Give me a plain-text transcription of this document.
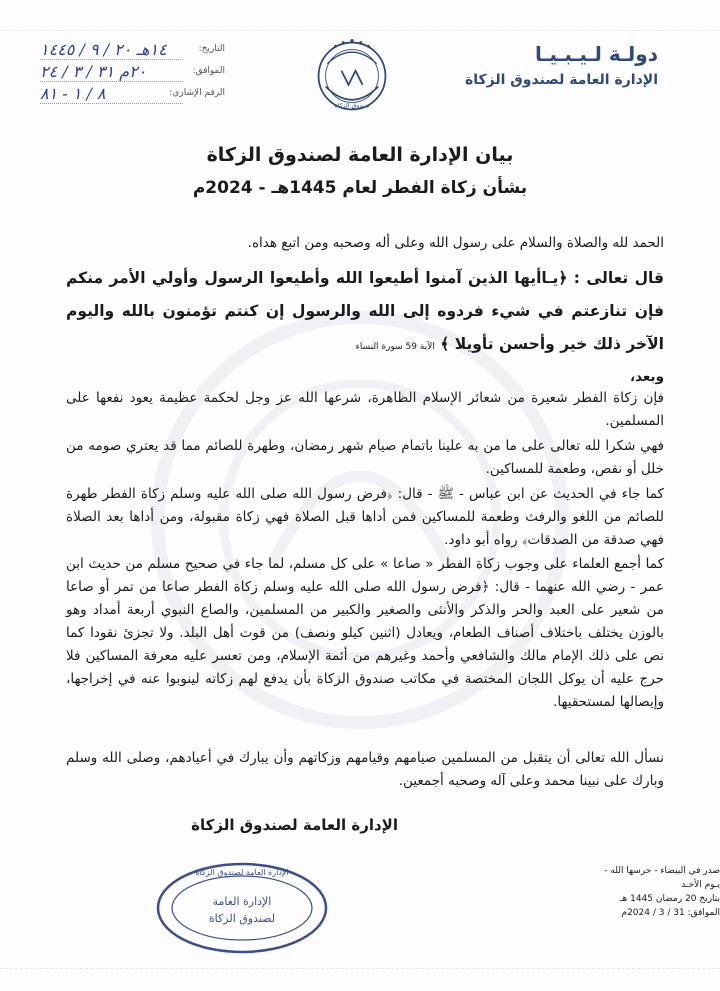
دولـة لـيـبـيـا
الإدارة العامة لصندوق الزكاة
صندوق الزكاة
التاريخ:
١٤هـ ٢٠ / ٩ / ١٤٤٥
الموافق:
٢٠م ٣١ / ٣ / ٢٤
الرقم الإشاري:
٨ / ١ - ٨١
بيان الإدارة العامة لصندوق الزكاة
بشأن زكاة الفطر لعام 1445هـ - 2024م
الحمد لله والصلاة والسلام على رسول الله وعلى أله وصحبه ومن اتبع هداه.
قال تعالى : ﴿يـاأيها الذين آمنوا أطيعوا الله وأطيعوا الرسول وأولي الأمر منكم فإن تنازعتم في شيء فردوه إلى الله والرسول إن كنتم تؤمنون بالله واليوم الآخر ذلك خير وأحسن تأويلا ﴾ الآية 59 سورة النساء
وبعد،
فإن زكاة الفطر شعيرة من شعائر الإسلام الظاهرة، شرعها الله عز وجل لحكمة عظيمة يعود نفعها على المسلمين.
فهي شكرا لله تعالى على ما من به علينا باتمام صيام شهر رمضان، وطهرة للصائم مما قد يعتري صومه من خلل أو نقص، وطعمة للمساكين.
كما جاء في الحديث عن ابن عباس - ﷺ - قال: ﴿فرض رسول الله صلى الله عليه وسلم زكاة الفطر طهرة للصائم من اللغو والرفث وطعمة للمساكين فمن أداها قبل الصلاة فهي زكاة مقبولة، ومن أداها بعد الصلاة فهي صدقة من الصدقات﴾ رواه أبو داود.
كما أجمع العلماء على وجوب زكاة الفطر « صاعا » على كل مسلم، لما جاء في صحيح مسلم من حديث ابن عمر - رضي الله عنهما - قال: ﴿فرض رسول الله صلى الله عليه وسلم زكاة الفطر صاعا من تمر أو صاعا من شعير على العبد والحر والذكر والأنثى والصغير والكبير من المسلمين، والصاع النبوي أربعة أمداد وهو بالوزن يختلف باختلاف أصناف الطعام، ويعادل (اثنين كيلو ونصف) من قوت أهل البلد. ولا تجزئ نقودا كما نص على ذلك الإمام مالك والشافعي وأحمد وغيرهم من أئمة الإسلام، ومن تعسر عليه معرفة المساكين فلا حرج عليه أن يوكل اللجان المختصة في مكاتب صندوق الزكاة بأن يدفع لهم زكاته لينوبوا عنه في إخراجها، وإيصالها لمستحقيها.
نسأل الله تعالى أن يتقبل من المسلمين صيامهم وقيامهم وزكاتهم وأن يبارك في أعيادهم، وصلى الله وسلم وبارك على نبينا محمد وعلى آله وصحبه أجمعين.
الإدارة العامة لصندوق الزكاة
صدر في البيضاء - حرسها الله -
يـوم الأحـد
بتاريخ 20 رمضان 1445 هـ
الموافق: 31 / 3 / 2024م
الإدارة العامة لصندوق الزكاة
الإدارة العامة
لصندوق الزكاة
